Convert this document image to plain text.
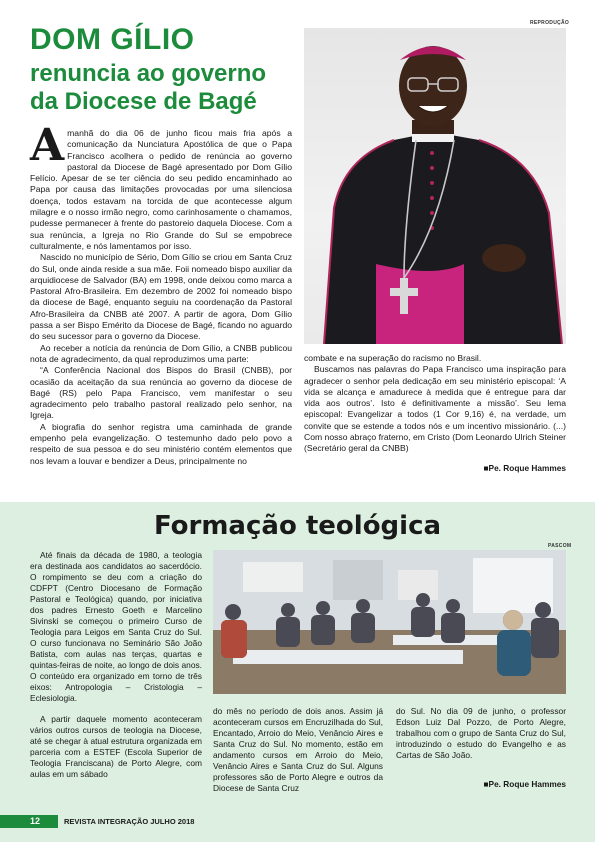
REPRODUÇÃO
DOM GÍLIO
renuncia ao governo da Diocese de Bagé
A manhã do dia 06 de junho ficou mais fria após a comunicação da Nunciatura Apostólica de que o Papa Francisco acolhera o pedido de renúncia ao governo pastoral da Diocese de Bagé apresentado por Dom Gílio Felício. Apesar de se ter ciência do seu pedido encaminhado ao Papa por causa das limitações provocadas por uma silenciosa doença, todos estavam na torcida de que acontecesse algum milagre e o nosso irmão negro, como carinhosamente o chamamos, pudesse permanecer à frente do pastoreio daquela Diocese. Com a sua renúncia, a Igreja no Rio Grande do Sul se empobrece culturalmente, e nós lamentamos por isso.

Nascido no município de Sério, Dom Gílio se criou em Santa Cruz do Sul, onde ainda reside a sua mãe. Foii nomeado bispo auxiliar da arquidiocese de Salvador (BA) em 1998, onde deixou como marca a Pastoral Afro-Brasileira. Em dezembro de 2002 foi nomeado bispo da diocese de Bagé, enquanto seguiu na coordenação da Pastoral Afro-Brasileira da CNBB até 2007. A partir de agora, Dom Gílio passa a ser Bispo Emérito da Diocese de Bagé, ficando no aguardo do seu sucessor para o governo da Diocese.

Ao receber a notícia da renúncia de Dom Gílio, a CNBB publicou nota de agradecimento, da qual reproduzimos uma parte:

“A Conferência Nacional dos Bispos do Brasil (CNBB), por ocasião da aceitação da sua renúncia ao governo da diocese de Bagé (RS) pelo Papa Francisco, vem manifestar o seu agradecimento pelo trabalho pastoral realizado pelo senhor, na Igreja.

A biografia do senhor registra uma caminhada de grande empenho pela evangelização. O testemunho dado pelo povo a respeito de sua pessoa e do seu ministério contém elementos que nos levam a louvar e bendizer a Deus, principalmente no

combate e na superação do racismo no Brasil.

Buscamos nas palavras do Papa Francisco uma inspiração para agradecer o senhor pela dedicação em seu ministério episcopal: ‘A vida se alcança e amadurece à medida que é entregue para dar vida aos outros’. Isto é definitivamente a missão’. Seu lema episcopal: Evangelizar a todos (1 Cor 9,16) é, na verdade, um convite que se estende a todos nós e um incentivo missionário. (...) Com nosso abraço fraterno, em Cristo (Dom Leonardo Ulrich Steiner (Secretário geral da CNBB)

■Pe. Roque Hammes
Formação teológica
PASCOM

Até finais da década de 1980, a teologia era destinada aos candidatos ao sacerdócio. O rompimento se deu com a criação do CDFPT (Centro Diocesano de Formação Pastoral e Teológica) quando, por iniciativa dos padres Ernesto Goeth e Marcelino Sivinski se começou o primeiro Curso de Teologia para Leigos em Santa Cruz do Sul. O curso funcionava no Seminário São João Batista, com aulas nas terças, quartas e quintas-feiras de noite, ao longo de dois anos. O conteúdo era organizado em torno de três eixos: Antropologia – Cristologia – Eclesiologia.

A partir daquele momento aconteceram vários outros cursos de teologia na Diocese, até se chegar à atual estrutura organizada em parceria com a ESTEF (Escola Superior de Teologia Franciscana) de Porto Alegre, com aulas em um sábado

do mês no período de dois anos. Assim já aconteceram cursos em Encruzilhada do Sul, Encantado, Arroio do Meio, Venâncio Aires e Santa Cruz do Sul. No momento, estão em andamento cursos em Arroio do Meio, Venâncio Aires e Santa Cruz do Sul. Alguns professores são de Porto Alegre e outros da Diocese de Santa Cruz

do Sul. No dia 09 de junho, o professor Edson Luiz Dal Pozzo, de Porto Alegre, trabalhou com o grupo de Santa Cruz do Sul, introduzindo o estudo do Evangelho e as Cartas de São João.

■Pe. Roque Hammes
12	REVISTA INTEGRAÇÃO JULHO 2018
